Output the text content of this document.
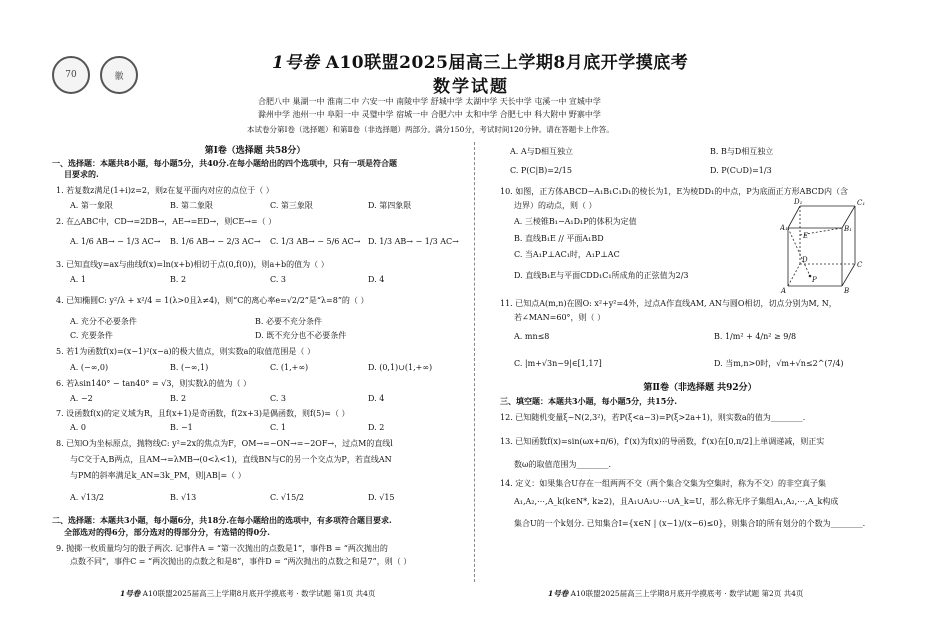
70	徽
1号卷 A10联盟2025届高三上学期8月底开学摸底考
数学试题
合肥八中 巢湖一中 淮南二中 六安一中 南陵中学 舒城中学 太湖中学 天长中学 屯溪一中 宣城中学
滁州中学 池州一中 阜阳一中 灵璧中学 宿城一中 合肥六中 太和中学 合肥七中 科大附中 野寨中学
本试卷分第Ⅰ卷（选择题）和第Ⅱ卷（非选择题）两部分。满分150分，考试时间120分钟。请在答题卡上作答。
第Ⅰ卷（选择题 共58分）
一、选择题：本题共8小题，每小题5分，共40分.在每小题给出的四个选项中，只有一项是符合题
目要求的.
1. 若复数z满足(1+i)z=2，则z在复平面内对应的点位于（ ）
A. 第一象限	B. 第二象限	C. 第三象限	D. 第四象限
2. 在△ABC中，CD→=2DB→，AE→=ED→，则CE→=（ ）
A. 1/6 AB→ − 1/3 AC→ B. 1/6 AB→ − 2/3 AC→ C. 1/3 AB→ − 5/6 AC→ D. 1/3 AB→ − 1/3 AC→
3. 已知直线y=ax与曲线f(x)=ln(x+b)相切于点(0,f(0))，则a+b的值为（ ）
A. 1	B. 2	C. 3	D. 4
4. 已知椭圆C: y²/λ + x²/4 = 1(λ>0且λ≠4)，则“C的离心率e=√2/2”是“λ=8”的（ ）
A. 充分不必要条件	B. 必要不充分条件
C. 充要条件	D. 既不充分也不必要条件
5. 若1为函数f(x)=(x−1)²(x−a)的极大值点，则实数a的取值范围是（ ）
A. (−∞,0)	B. (−∞,1)	C. (1,+∞)	D. (0,1)∪(1,+∞)
6. 若λsin140° − tan40° = √3，则实数λ的值为（ ）
A. −2	B. 2	C. 3	D. 4
7. 设函数f(x)的定义域为R，且f(x+1)是奇函数，f(2x+3)是偶函数，则f(5)=（ ）
A. 0	B. −1	C. 1	D. 2
8. 已知O为坐标原点，抛物线C: y²=2x的焦点为F，OM→=−ON→=−2OF→，过点M的直线l
与C交于A,B两点，且AM→=λMB→(0<λ<1)，直线BN与C的另一个交点为P，若直线AN
与PM的斜率满足k_AN=3k_PM，则|AB|=（ ）
A. √13/2	B. √13	C. √15/2	D. √15
二、选择题：本题共3小题，每小题6分，共18分.在每小题给出的选项中，有多项符合题目要求.
全部选对的得6分，部分选对的得部分分，有选错的得0分.
9. 抛掷一枚质量均匀的骰子两次. 记事件A = “第一次抛出的点数是1”，事件B = “两次抛出的
点数不同”，事件C = “两次抛出的点数之和是8”，事件D = “两次抛出的点数之和是7”，则（ ）
A. A与D相互独立	B. B与D相互独立
C. P(C|B)=2/15	D. P(C∪D)=1/3
10. 如图，正方体ABCD−A₁B₁C₁D₁的棱长为1，E为棱DD₁的中点，P为底面正方形ABCD内（含
边界）的动点，则（ ）
A. 三棱锥B₁−A₁D₁P的体积为定值
B. 直线B₁E // 平面A₁BD
C. 当A₁P⊥AC₁时，A₁P⊥AC
D. 直线B₁E与平面CDD₁C₁所成角的正弦值为2/3
D₁	C₁
A₁	B₁
E
D
C
A
P
B
11. 已知点A(m,n)在圆O: x²+y²=4外，过点A作直线AM, AN与圆O相切，切点分别为M, N，
若∠MAN=60°，则（ ）
A. mn≤8	B. 1/m² + 4/n² ≥ 9/8
C. |m+√3n−9|∈[1,17]	D. 当m,n>0时，√m+√n≤2^(7/4)
第Ⅱ卷（非选择题 共92分）
三、填空题：本题共3小题，每小题5分，共15分.
12. 已知随机变量ξ~N(2,3²)，若P(ξ<a−3)=P(ξ>2a+1)，则实数a的值为________.
13. 已知函数f(x)=sin(ωx+π/6)，f′(x)为f(x)的导函数，f′(x)在[0,π/2]上单调递减，则正实
数ω的取值范围为________.
14. 定义：如果集合U存在一组两两不交（两个集合交集为空集时，称为不交）的非空真子集
A₁,A₂,⋯,A_k(k∈N*, k≥2)，且A₁∪A₂∪⋯∪A_k=U，那么称无序子集组A₁,A₂,⋯,A_k构成
集合U的一个k划分. 已知集合I={x∈N | (x−1)/(x−6)≤0}，则集合I的所有划分的个数为________.
1号卷 A10联盟2025届高三上学期8月底开学摸底考 · 数学试题 第1页 共4页	1号卷 A10联盟2025届高三上学期8月底开学摸底考 · 数学试题 第2页 共4页
